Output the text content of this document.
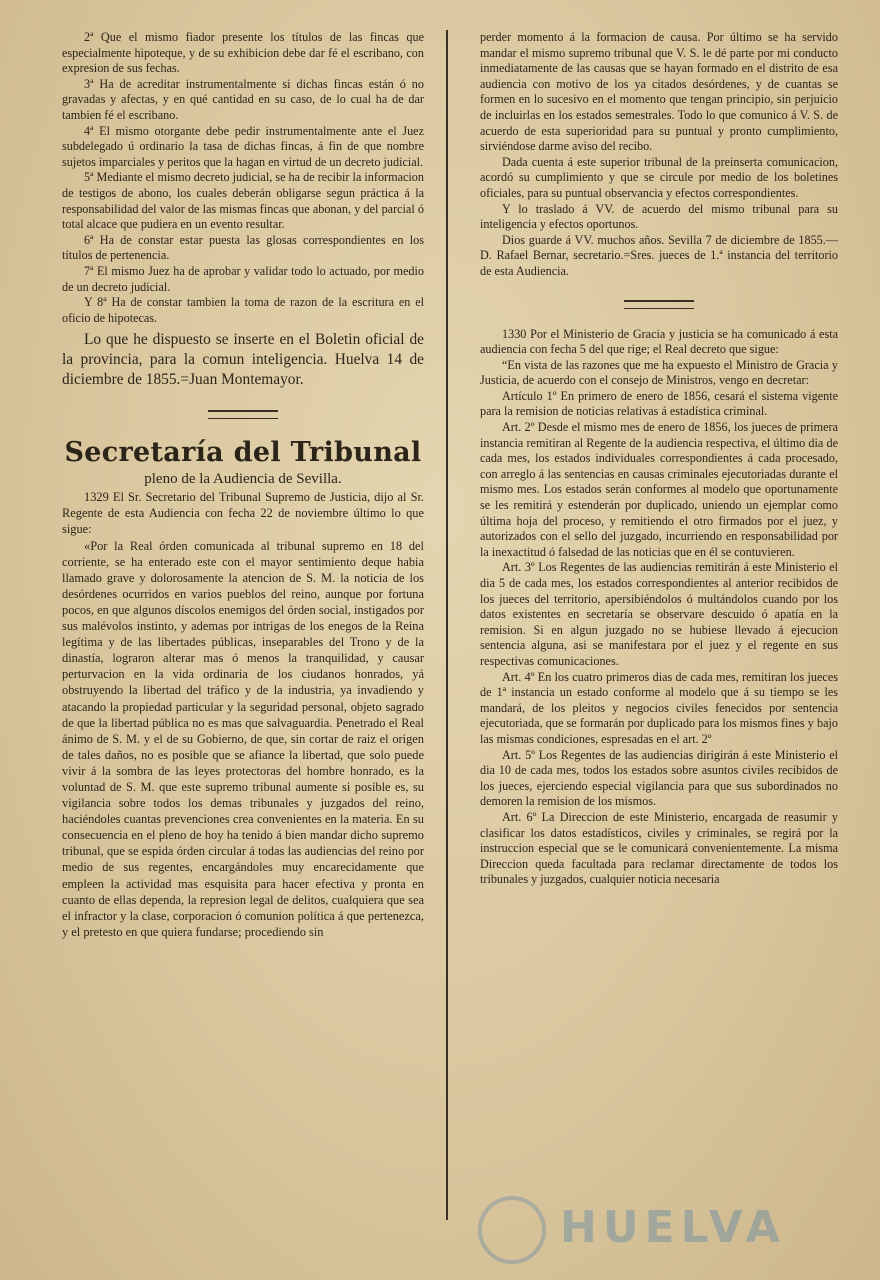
2ª Que el mismo fiador presente los títulos de las fincas que especialmente hipoteque, y de su exhibicion debe dar fé el escribano, con expresion de sus fechas.

3ª Ha de acreditar instrumentalmente si dichas fincas están ó no gravadas y afectas, y en qué cantidad en su caso, de lo cual ha de dar tambien fé el escribano.

4ª El mismo otorgante debe pedir instrumentalmente ante el Juez subdelegado ú ordinario la tasa de dichas fincas, á fin de que nombre sujetos imparciales y peritos que la hagan en virtud de un decreto judicial.

5ª Mediante el mismo decreto judicial, se ha de recibir la informacion de testigos de abono, los cuales deberán obligarse segun práctica á la responsabilidad del valor de las mismas fincas que abonan, y del parcial ó total alcace que pudiera en un evento resultar.

6ª Ha de constar estar puesta las glosas correspondientes en los títulos de pertenencia.

7ª El mismo Juez ha de aprobar y validar todo lo actuado, por medio de un decreto judicial.

Y 8ª Ha de constar tambien la toma de razon de la escritura en el oficio de hipotecas.

Lo que he dispuesto se inserte en el Boletin oficial de la provincia, para la comun inteligencia. Huelva 14 de diciembre de 1855.=Juan Montemayor.

Secretaría del Tribunal

pleno de la Audiencia de Sevilla.

1329 El Sr. Secretario del Tribunal Supremo de Justicia, dijo al Sr. Regente de esta Audiencia con fecha 22 de noviembre último lo que sigue:

«Por la Real órden comunicada al tribunal supremo en 18 del corriente, se ha enterado este con el mayor sentimiento deque habia llamado grave y dolorosamente la atencion de S. M. la noticia de los desórdenes ocurridos en varios pueblos del reino, aunque por fortuna pocos, en que algunos díscolos enemigos del órden social, instigados por sus malévolos instinto, y ademas por intrigas de los enegos de la Reina legítima y de las libertades públicas, inseparables del Trono y de la dinastía, lograron alterar mas ó menos la tranquilidad, y causar perturvacion en la vida ordinaria de los ciudanos honrados, yá obstruyendo la libertad del tráfico y de la industria, ya invadiendo y atacando la propiedad particular y la seguridad personal, objeto sagrado de que la libertad pública no es mas que salvaguardia. Penetrado el Real ánimo de S. M. y el de su Gobierno, de que, sin cortar de raiz el origen de tales daños, no es posible que se afiance la libertad, que solo puede vivir á la sombra de las leyes protectoras del hombre honrado, es la voluntad de S. M. que este supremo tribunal aumente si posible es, su vigilancia sobre todos los demas tribunales y juzgados del reino, haciéndoles cuantas prevenciones crea convenientes en la materia. En su consecuencia en el pleno de hoy ha tenido á bien mandar dicho supremo tribunal, que se espida órden circular á todas las audiencias del reino por medio de sus regentes, encargándoles muy encarecidamente que empleen la actividad mas esquisita para hacer efectiva y pronta en cuanto de ellas dependa, la represion legal de delitos, cualquiera que sea el infractor y la clase, corporacion ó comunion política á que pertenezca, y el pretesto en que quiera fundarse; procediendo sin

perder momento á la formacion de causa. Por último se ha servido mandar el mismo supremo tribunal que V. S. le dé parte por mi conducto inmediatamente de las causas que se hayan formado en el distrito de esa audiencia con motivo de los ya citados desórdenes, y de cuantas se formen en lo sucesivo en el momento que tengan principio, sin perjuicio de incluirlas en los estados semestrales. Todo lo que comunico á V. S. de acuerdo de esta superioridad para su puntual y pronto cumplimiento, sirviéndose darme aviso del recibo.

Dada cuenta á este superior tribunal de la preinserta comunicacion, acordó su cumplimiento y que se circule por medio de los boletines oficiales, para su puntual observancia y efectos correspondientes.

Y lo traslado á VV. de acuerdo del mismo tribunal para su inteligencia y efectos oportunos.

Dios guarde á VV. muchos años. Sevilla 7 de diciembre de 1855.—D. Rafael Bernar, secretario.=Sres. jueces de 1.ª instancia del territorio de esta Audiencia.

1330 Por el Ministerio de Gracia y justicia se ha comunicado á esta audiencia con fecha 5 del que rige; el Real decreto que sigue:

“En vista de las razones que me ha expuesto el Ministro de Gracia y Justicia, de acuerdo con el consejo de Ministros, vengo en decretar:

Artículo 1º En primero de enero de 1856, cesará el sistema vigente para la remision de noticias relativas á estadística criminal.

Art. 2º Desde el mismo mes de enero de 1856, los jueces de primera instancia remitiran al Regente de la audiencia respectiva, el último dia de cada mes, los estados individuales correspondientes á cada procesado, con arreglo á las sentencias en causas criminales ejecutoriadas durante el mismo mes. Los estados serán conformes al modelo que oportunamente se les remitirá y estenderán por duplicado, uniendo un ejemplar como última hoja del proceso, y remitiendo el otro firmados por el juez, y autorizados con el sello del juzgado, incurriendo en responsabilidad por la inexactitud ó falsedad de las noticias que en él se contuvieren.

Art. 3º Los Regentes de las audiencias remitirán á este Ministerio el dia 5 de cada mes, los estados correspondientes al anterior recibidos de los jueces del territorio, apersibiéndolos ó multándolos cuando por los datos existentes en secretaría se observare descuido ó apatía en la remision. Si en algun juzgado no se hubiese llevado á ejecucion sentencia alguna, asi se manifestara por el juez y el regente en sus respectivas comunicaciones.

Art. 4º En los cuatro primeros dias de cada mes, remitiran los jueces de 1ª instancia un estado conforme al modelo que á su tiempo se les mandará, de los pleitos y negocios civiles fenecidos por sentencia ejecutoriada, que se formarán por duplicado para los mismos fines y bajo las mismas condiciones, espresadas en el art. 2º

Art. 5º Los Regentes de las audiencias dirigirán á este Ministerio el dia 10 de cada mes, todos los estados sobre asuntos civiles recibidos de los jueces, ejerciendo especial vigilancia para que sus subordinados no demoren la remision de los mismos.

Art. 6º La Direccion de este Ministerio, encargada de reasumir y clasificar los datos estadísticos, civiles y criminales, se regirá por la instruccion especial que se le comunicará convenientemente. La misma Direccion queda facultada para reclamar directamente de todos los tribunales y juzgados, cualquier noticia necesaria

HUELVA
